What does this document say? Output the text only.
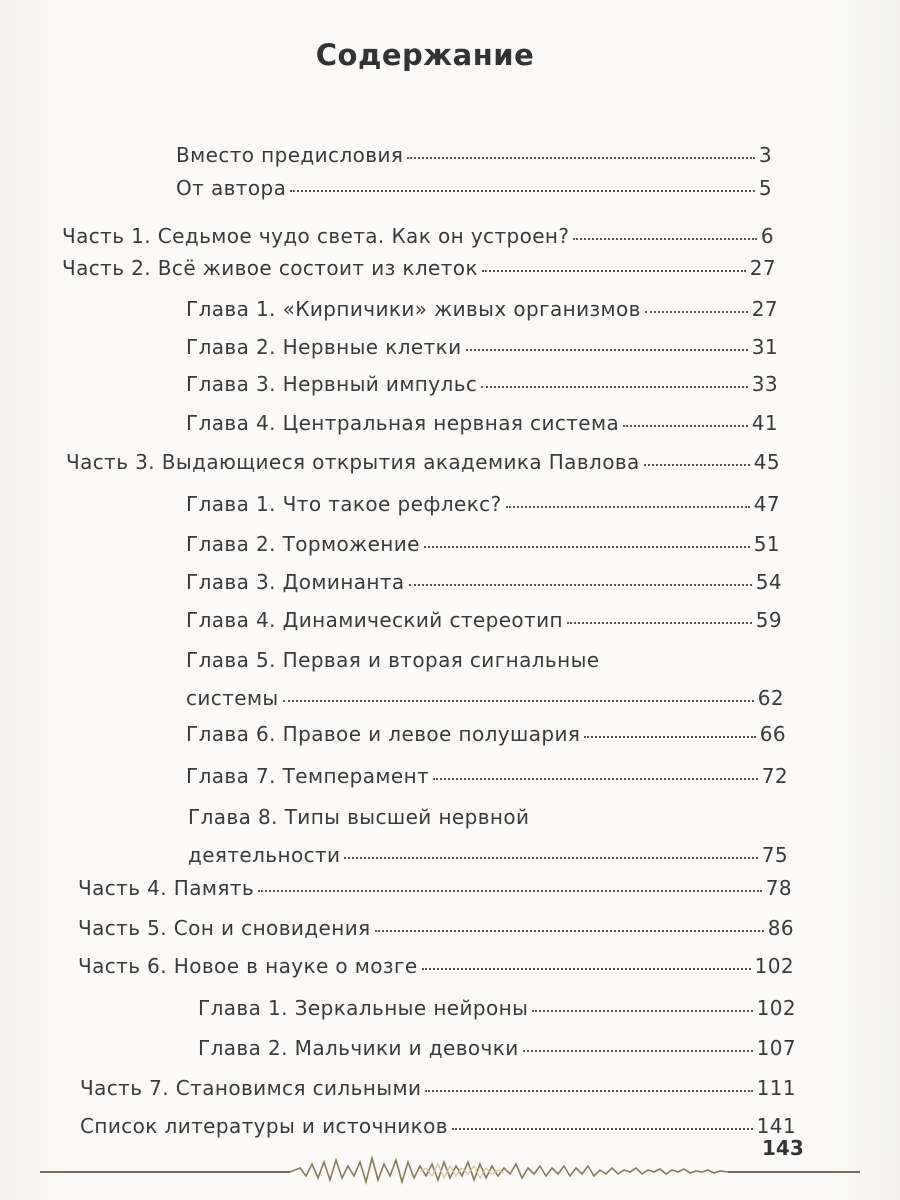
Содержание
Вместо предисловия	3
От автора	5
Часть 1. Седьмое чудо света. Как он устроен?	6
Часть 2. Всё живое состоит из клеток	27
Глава 1. «Кирпичики» живых организмов	27
Глава 2. Нервные клетки	31
Глава 3. Нервный импульс	33
Глава 4. Центральная нервная система	41
Часть 3. Выдающиеся открытия академика Павлова	45
Глава 1. Что такое рефлекс?	47
Глава 2. Торможение	51
Глава 3. Доминанта	54
Глава 4. Динамический стереотип	59
Глава 5. Первая и вторая сигнальные
системы	62
Глава 6. Правое и левое полушария	66
Глава 7. Темперамент	72
Глава 8. Типы высшей нервной
деятельности	75
Часть 4. Память	78
Часть 5. Сон и сновидения	86
Часть 6. Новое в науке о мозге	102
Глава 1. Зеркальные нейроны	102
Глава 2. Мальчики и девочки	107
Часть 7. Становимся сильными	111
Список литературы и источников	141
143
